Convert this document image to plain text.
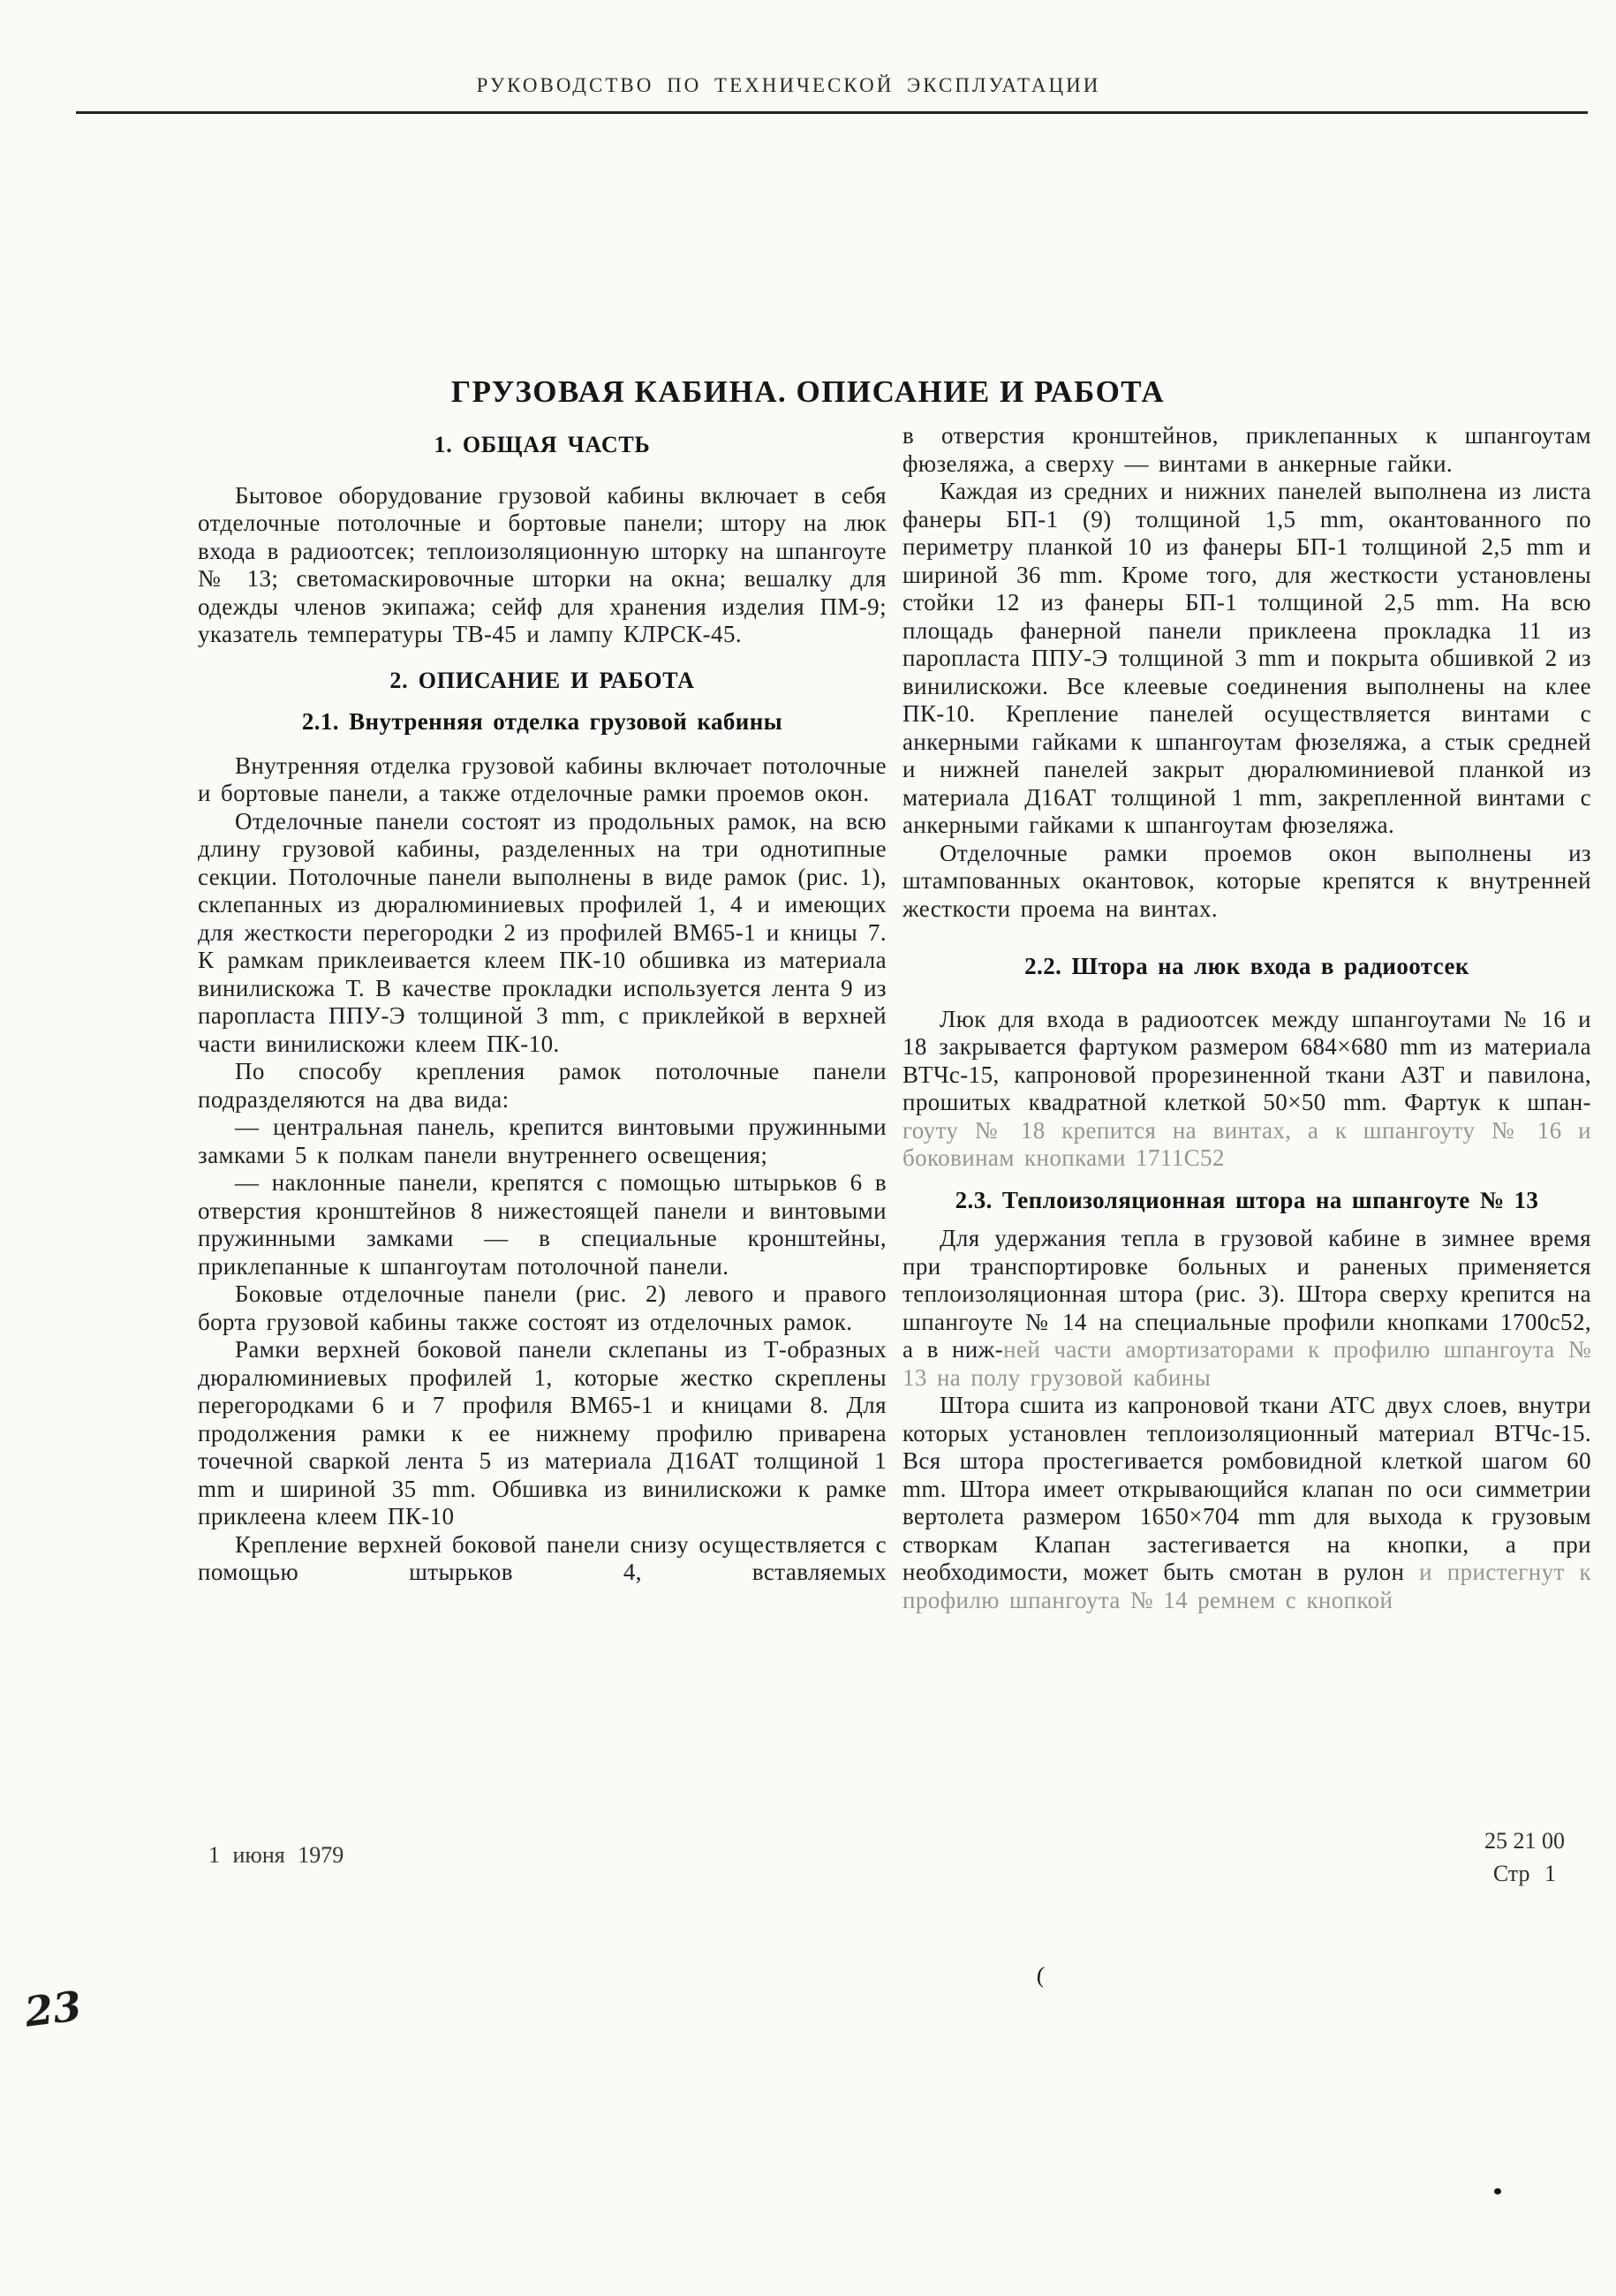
РУКОВОДСТВО ПО ТЕХНИЧЕСКОЙ ЭКСПЛУАТАЦИИ
ГРУЗОВАЯ КАБИНА. ОПИСАНИЕ И РАБОТА
1. ОБЩАЯ ЧАСТЬ

Бытовое оборудование грузовой кабины включает в себя отделочные потолочные и бортовые панели; штору на люк входа в радиоотсек; теплоизоляционную шторку на шпангоуте № 13; светомаскировочные шторки на окна; вешалку для одежды членов экипажа; сейф для хранения изделия ПМ-9; указатель температуры ТВ-45 и лампу КЛРСК-45.

2. ОПИСАНИЕ И РАБОТА
2.1. Внутренняя отделка грузовой кабины

Внутренняя отделка грузовой кабины включает потолочные и бортовые панели, а также отделочные рамки проемов окон.

Отделочные панели состоят из продольных рамок, на всю длину грузовой кабины, разделенных на три однотипные секции. Потолочные панели выполнены в виде рамок (рис. 1), склепанных из дюралюминиевых профилей 1, 4 и имеющих для жесткости перегородки 2 из профилей ВМ65-1 и кницы 7. К рамкам приклеивается клеем ПК-10 обшивка из материала винилискожа Т. В качестве прокладки используется лента 9 из паропласта ППУ-Э толщиной 3 mm, с приклейкой в верхней части винилискожи клеем ПК-10.

По способу крепления рамок потолочные панели подразделяются на два вида:

— центральная панель, крепится винтовыми пружинными замками 5 к полкам панели внутреннего освещения;

— наклонные панели, крепятся с помощью штырьков 6 в отверстия кронштейнов 8 нижестоящей панели и винтовыми пружинными замками — в специальные кронштейны, приклепанные к шпангоутам потолочной панели.

Боковые отделочные панели (рис. 2) левого и правого борта грузовой кабины также состоят из отделочных рамок.

Рамки верхней боковой панели склепаны из Т-образных дюралюминиевых профилей 1, которые жестко скреплены перегородками 6 и 7 профиля ВМ65-1 и кницами 8. Для продолжения рамки к ее нижнему профилю приварена точечной сваркой лента 5 из материала Д16АТ толщиной 1 mm и шириной 35 mm. Обшивка из винилискожи к рамке приклеена клеем ПК-10

Крепление верхней боковой панели снизу осуществляется с помощью штырьков 4, вставляемых

в отверстия кронштейнов, приклепанных к шпангоутам фюзеляжа, а сверху — винтами в анкерные гайки.

Каждая из средних и нижних панелей выполнена из листа фанеры БП-1 (9) толщиной 1,5 mm, окантованного по периметру планкой 10 из фанеры БП-1 толщиной 2,5 mm и шириной 36 mm. Кроме того, для жесткости установлены стойки 12 из фанеры БП-1 толщиной 2,5 mm. На всю площадь фанерной панели приклеена прокладка 11 из паропласта ППУ-Э толщиной 3 mm и покрыта обшивкой 2 из винилискожи. Все клеевые соединения выполнены на клее ПК-10. Крепление панелей осуществляется винтами с анкерными гайками к шпангоутам фюзеляжа, а стык средней и нижней панелей закрыт дюралюминиевой планкой из материала Д16АТ толщиной 1 mm, закрепленной винтами с анкерными гайками к шпангоутам фюзеляжа.

Отделочные рамки проемов окон выполнены из штампованных окантовок, которые крепятся к внутренней жесткости проема на винтах.

2.2. Штора на люк входа в радиоотсек

Люк для входа в радиоотсек между шпангоутами № 16 и 18 закрывается фартуком размером 684×680 mm из материала ВТЧс-15, капроновой прорезиненной ткани АЗТ и павилона, прошитых квадратной клеткой 50×50 mm. Фартук к шпан-гоуту № 18 крепится на винтах, а к шпангоуту № 16 и боковинам кнопками 1711С52

2.3. Теплоизоляционная штора на шпангоуте № 13

Для удержания тепла в грузовой кабине в зимнее время при транспортировке больных и раненых применяется теплоизоляционная штора (рис. 3). Штора сверху крепится на шпангоуте № 14 на специальные профили кнопками 1700с52, а в ниж-ней части амортизаторами к профилю шпангоута № 13 на полу грузовой кабины

Штора сшита из капроновой ткани АТС двух слоев, внутри которых установлен теплоизоляционный материал ВТЧс-15. Вся штора простегивается ромбовидной клеткой шагом 60 mm. Штора имеет открывающийся клапан по оси симметрии вертолета размером 1650×704 mm для выхода к грузовым створкам Клапан застегивается на кнопки, а при необходимости, может быть смотан в рулон и пристегнут к профилю шпангоута № 14 ремнем с кнопкой

1 июня 1979
25 21 00
Стр 1
23
(
